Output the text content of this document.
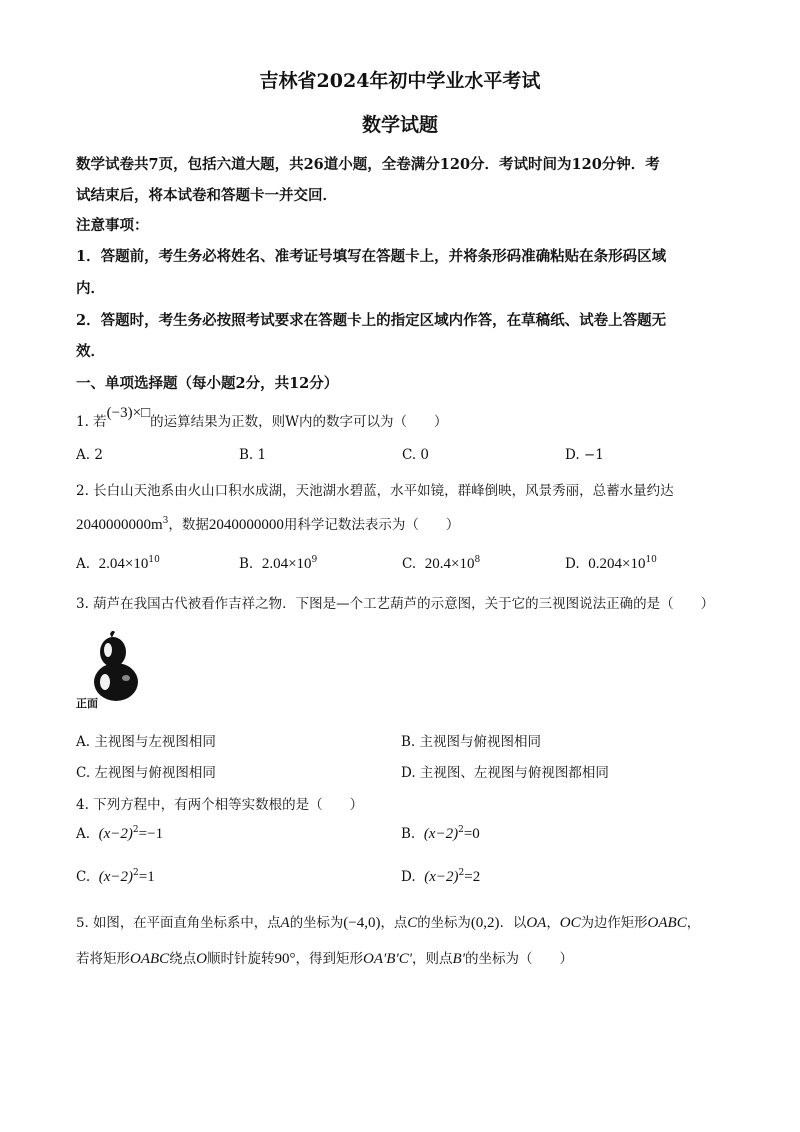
吉林省2024年初中学业水平考试
数学试题
数学试卷共7页，包括六道大题，共26道小题，全卷满分120分．考试时间为120分钟．考
试结束后，将本试卷和答题卡一并交回．
注意事项：
1．答题前，考生务必将姓名、准考证号填写在答题卡上，并将条形码准确粘贴在条形码区域
内．
2．答题时，考生务必按照考试要求在答题卡上的指定区域内作答，在草稿纸、试卷上答题无
效．
一、单项选择题（每小题2分，共12分）
1. 若(−3)×□的运算结果为正数，则W内的数字可以为（　　）
A. 2	B. 1	C. 0	D. −1
2. 长白山天池系由火山口积水成湖，天池湖水碧蓝，水平如镜，群峰倒映，风景秀丽，总蓄水量约达
$2040000000m^3$，数据2040000000用科学记数法表示为（　　）
A. $2.04\times 10^{10}$	B. $2.04\times 10^9$	C. $20.4\times 10^8$	D. $0.204\times 10^{10}$
3. 葫芦在我国古代被看作吉祥之物．下图是—个工艺葫芦的示意图，关于它的三视图说法正确的是（　　）
正面
A. 主视图与左视图相同	B. 主视图与俯视图相同
C. 左视图与俯视图相同	D. 主视图、左视图与俯视图都相同
4. 下列方程中，有两个相等实数根的是（　　）
A. $(x-2)^2=-1$	B. $(x-2)^2=0$
C. $(x-2)^2=1$	D. $(x-2)^2=2$
5. 如图，在平面直角坐标系中，点A的坐标为(−4,0)，点C的坐标为(0,2)．以OA，OC为边作矩形OABC，
若将矩形OABC绕点O顺时针旋转90°，得到矩形OA′B′C′，则点B′的坐标为（　　）
